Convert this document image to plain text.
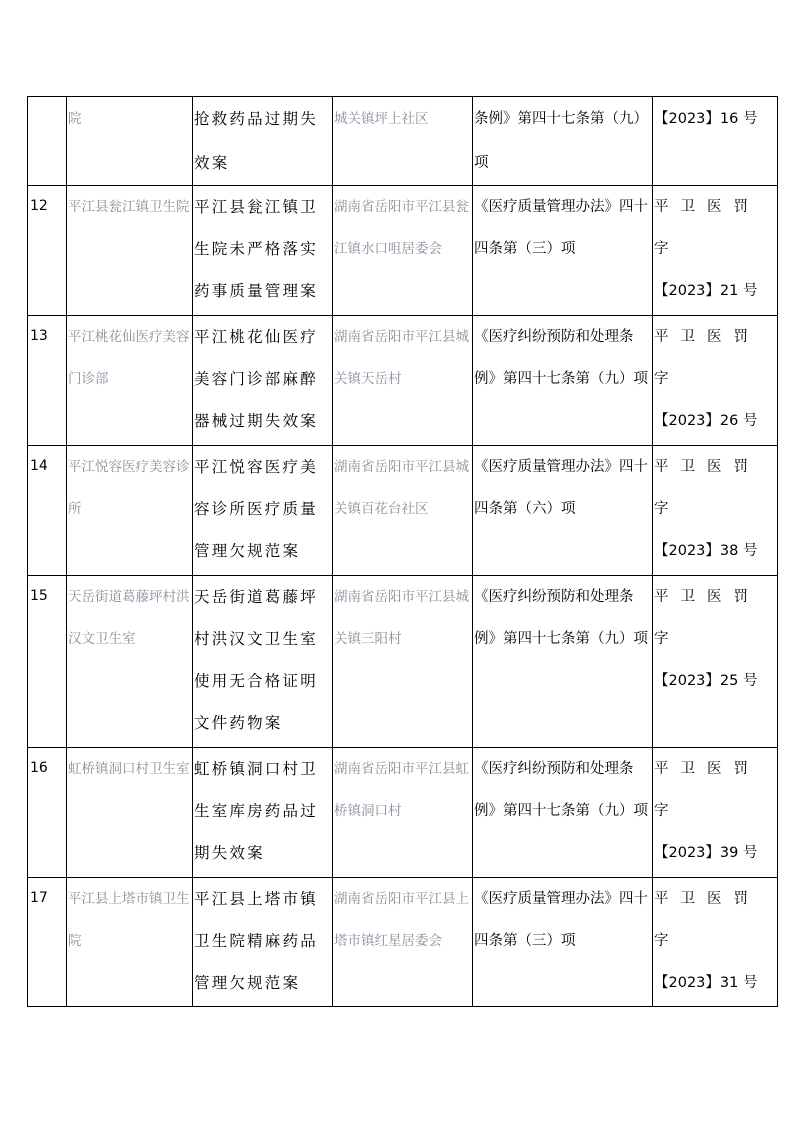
	院	抢救药品过期失效案	城关镇坪上社区	条例》第四十七条第（九）项	【2023】16 号

12	平江县瓮江镇卫生院	平江县瓮江镇卫生院未严格落实药事质量管理案	湖南省岳阳市平江县瓮江镇水口咀居委会	《医疗质量管理办法》四十四条第（三）项	平卫医罚字
【2023】21 号

13	平江桃花仙医疗美容门诊部	平江桃花仙医疗美容门诊部麻醉器械过期失效案	湖南省岳阳市平江县城关镇天岳村	《医疗纠纷预防和处理条例》第四十七条第（九）项	平卫医罚字
【2023】26 号

14	平江悦容医疗美容诊所	平江悦容医疗美容诊所医疗质量管理欠规范案	湖南省岳阳市平江县城关镇百花台社区	《医疗质量管理办法》四十四条第（六）项	平卫医罚字
【2023】38 号

15	天岳街道葛藤坪村洪汉文卫生室	天岳街道葛藤坪村洪汉文卫生室使用无合格证明文件药物案	湖南省岳阳市平江县城关镇三阳村	《医疗纠纷预防和处理条例》第四十七条第（九）项	平卫医罚字
【2023】25 号

16	虹桥镇洞口村卫生室	虹桥镇洞口村卫生室库房药品过期失效案	湖南省岳阳市平江县虹桥镇洞口村	《医疗纠纷预防和处理条例》第四十七条第（九）项	平卫医罚字
【2023】39 号

17	平江县上塔市镇卫生院	平江县上塔市镇卫生院精麻药品管理欠规范案	湖南省岳阳市平江县上塔市镇红星居委会	《医疗质量管理办法》四十四条第（三）项	平卫医罚字
【2023】31 号
